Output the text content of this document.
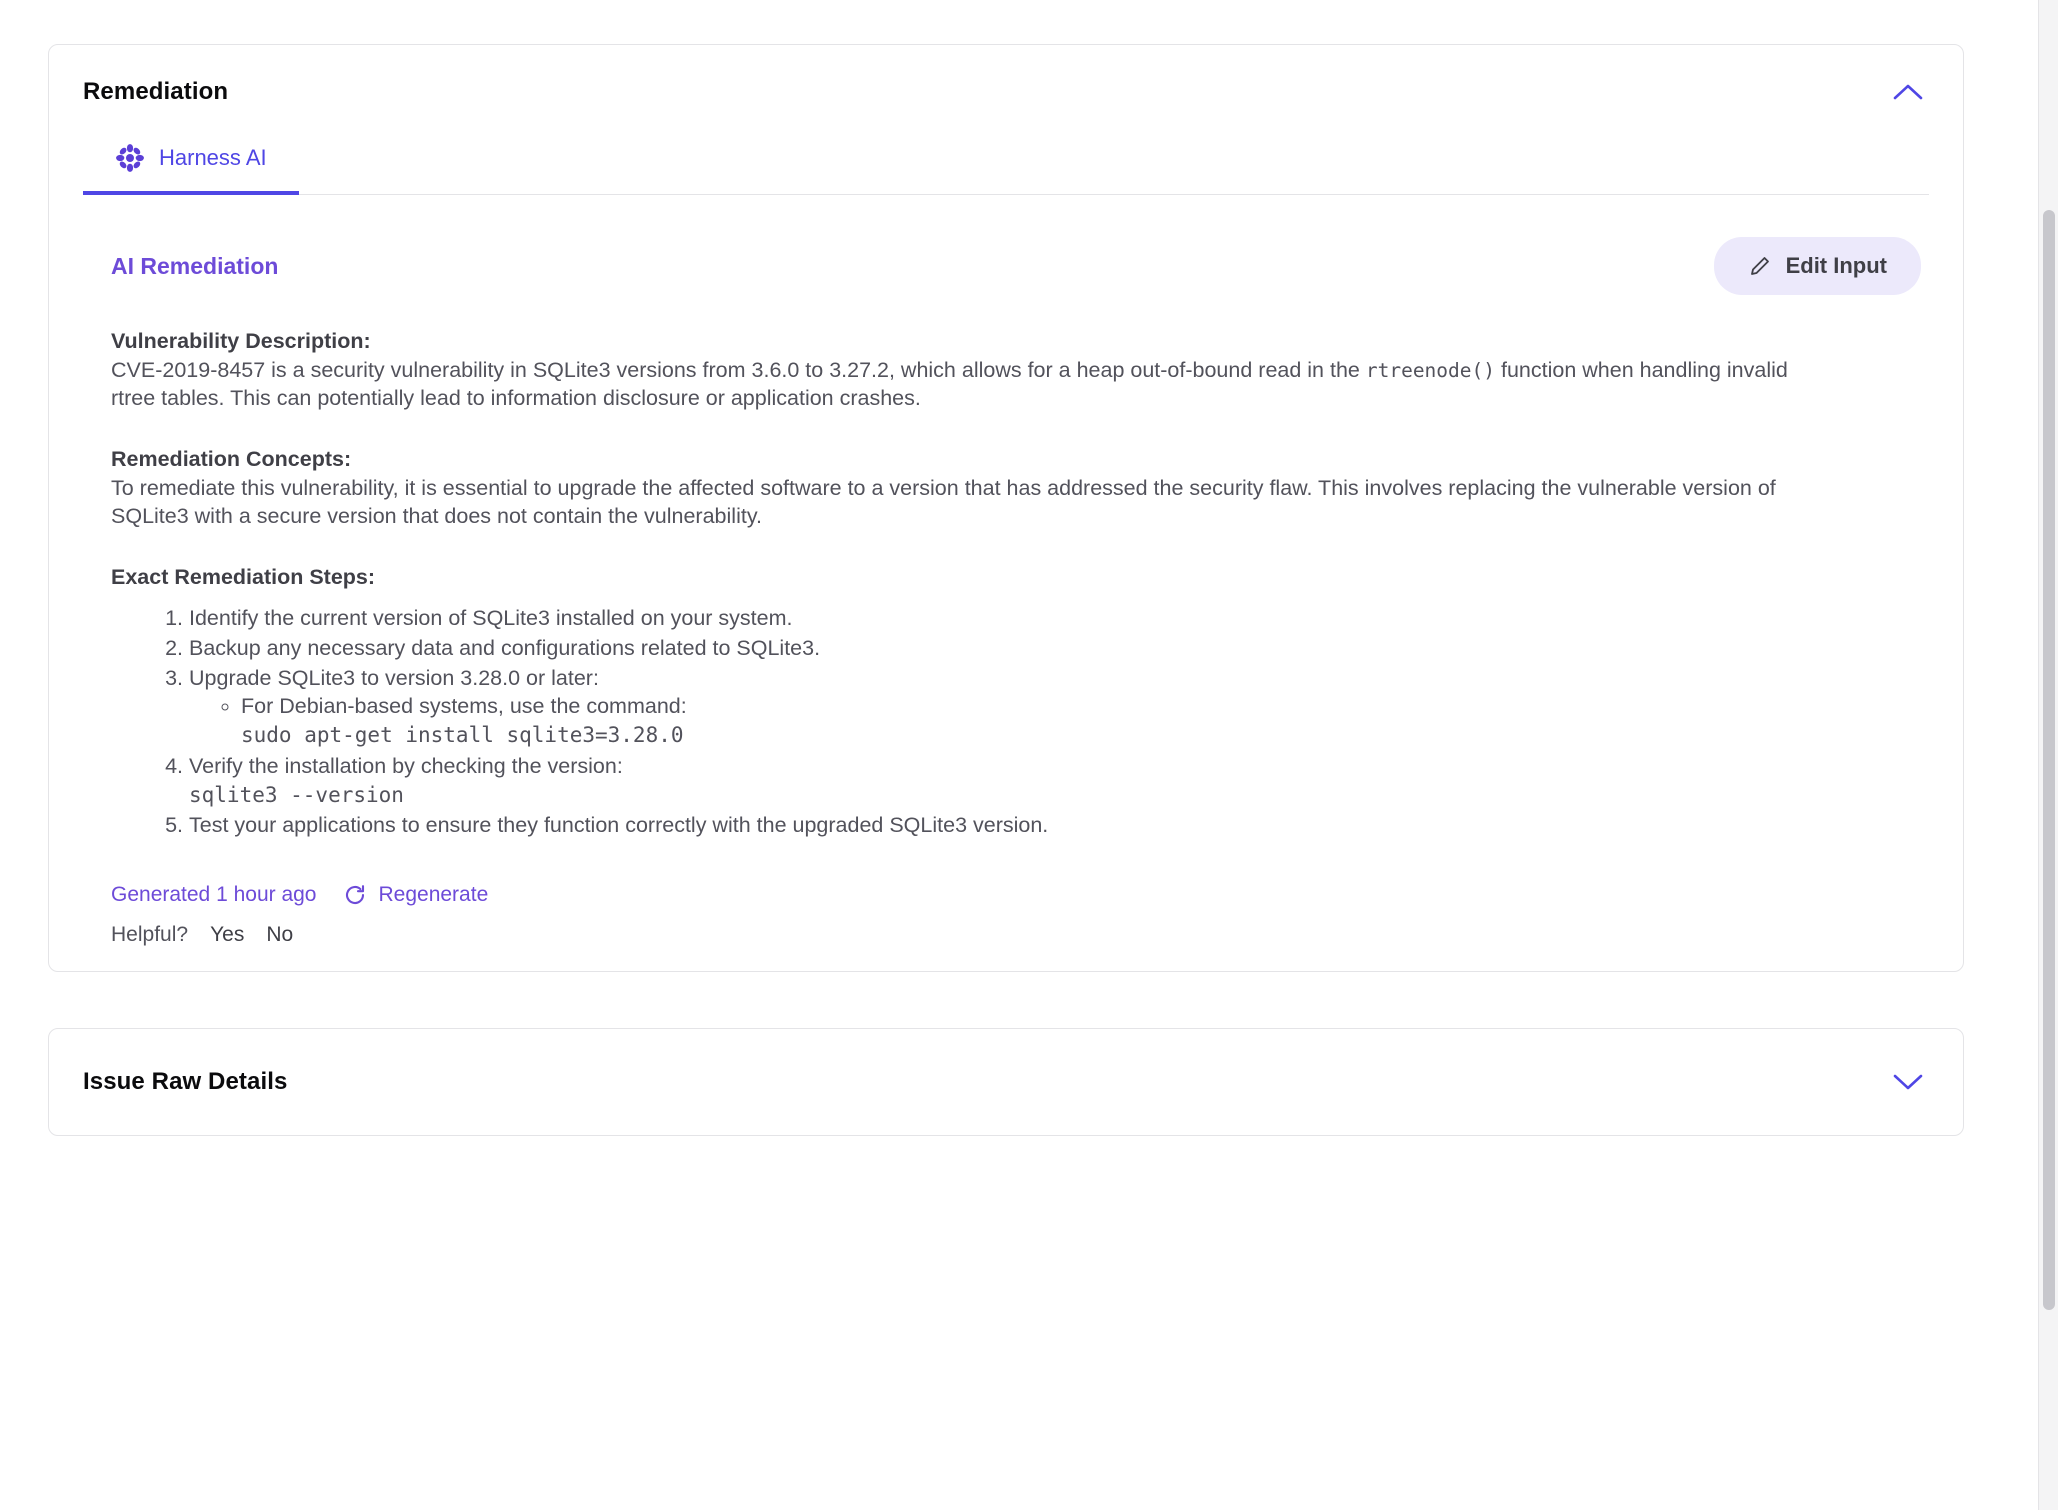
Remediation
Harness AI
AI Remediation	Edit Input
Vulnerability Description:
CVE-2019-8457 is a security vulnerability in SQLite3 versions from 3.6.0 to 3.27.2, which allows for a heap out-of-bound read in the rtreenode() function when handling invalid rtree tables. This can potentially lead to information disclosure or application crashes.
Remediation Concepts:
To remediate this vulnerability, it is essential to upgrade the affected software to a version that has addressed the security flaw. This involves replacing the vulnerable version of SQLite3 with a secure version that does not contain the vulnerability.
Exact Remediation Steps:
1. Identify the current version of SQLite3 installed on your system.
2. Backup any necessary data and configurations related to SQLite3.
3. Upgrade SQLite3 to version 3.28.0 or later:
◦ For Debian-based systems, use the command:
sudo apt-get install sqlite3=3.28.0
4. Verify the installation by checking the version:
sqlite3 --version
5. Test your applications to ensure they function correctly with the upgraded SQLite3 version.
Generated 1 hour ago	Regenerate
Helpful? Yes No
Issue Raw Details
